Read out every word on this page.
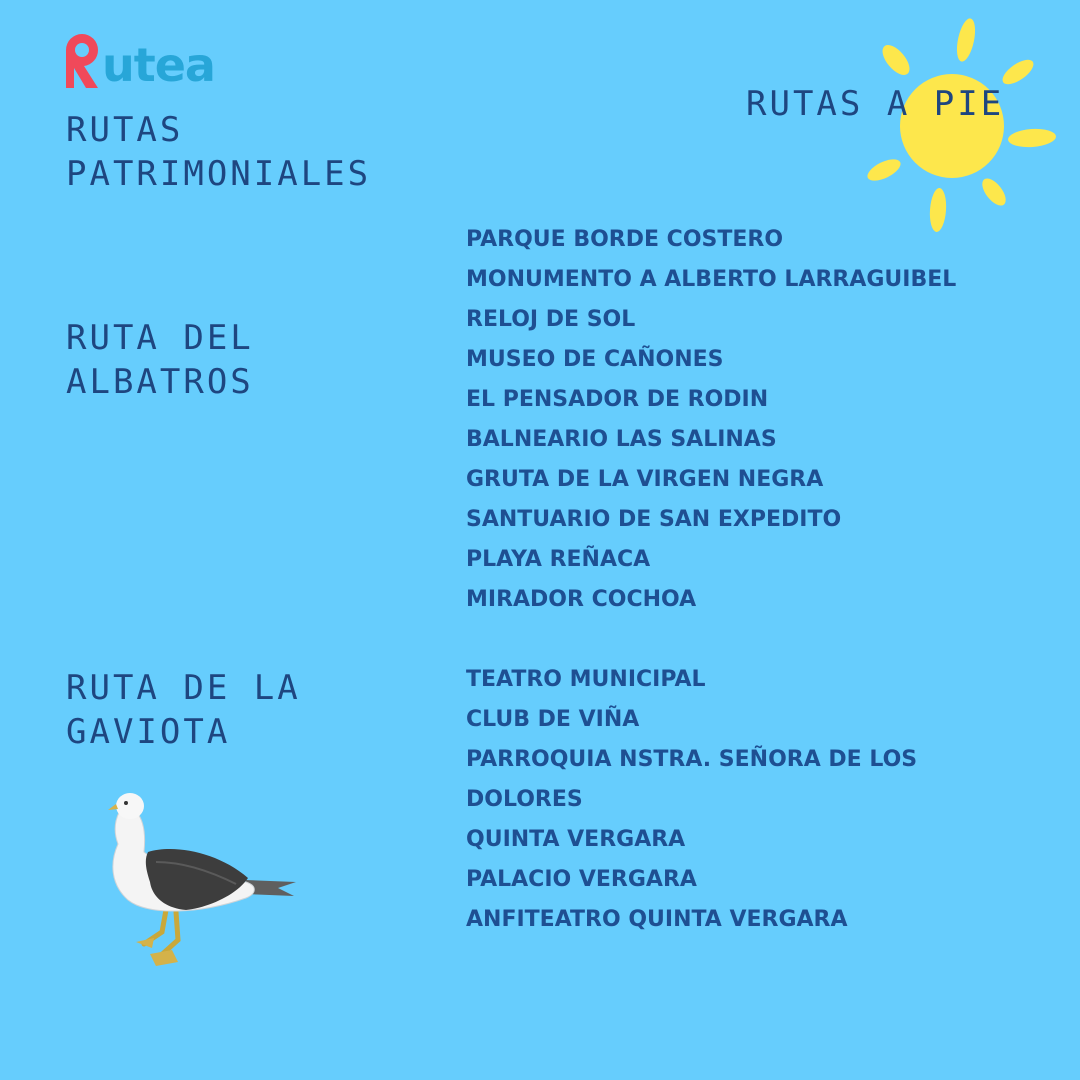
utea
RUTAS
PATRIMONIALES
RUTAS A PIE
RUTA DEL
ALBATROS
PARQUE BORDE COSTERO
MONUMENTO A ALBERTO LARRAGUIBEL
RELOJ DE SOL
MUSEO DE CAÑONES
EL PENSADOR DE RODIN
BALNEARIO LAS SALINAS
GRUTA DE LA VIRGEN NEGRA
SANTUARIO DE SAN EXPEDITO
PLAYA REÑACA
MIRADOR COCHOA
RUTA DE LA
GAVIOTA
TEATRO MUNICIPAL
CLUB DE VIÑA
PARROQUIA NSTRA. SEÑORA DE LOS
DOLORES
QUINTA VERGARA
PALACIO VERGARA
ANFITEATRO QUINTA VERGARA
